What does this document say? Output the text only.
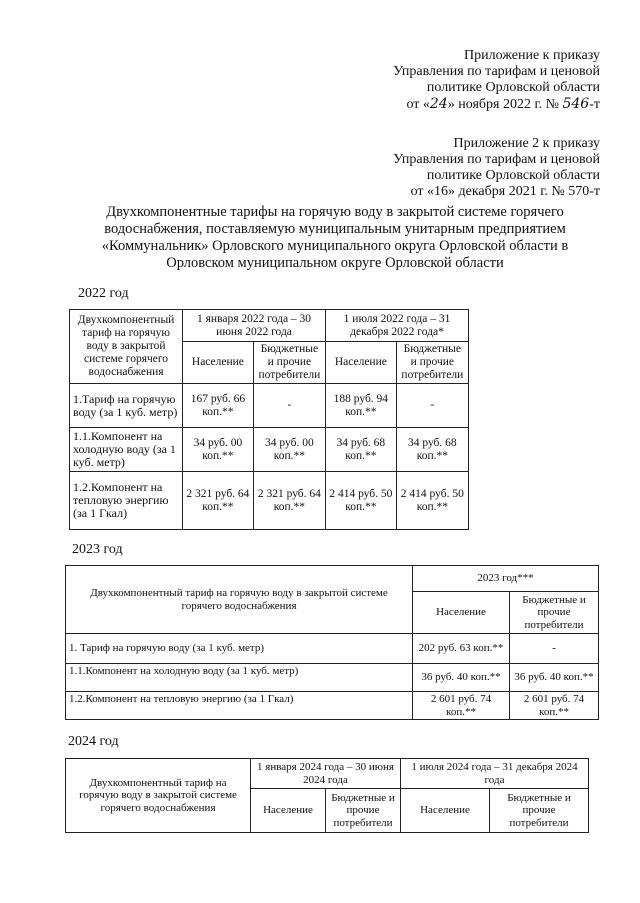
Приложение к приказу
Управления по тарифам и ценовой
политике Орловской области
от «24» ноября 2022 г. № 546-т
Приложение 2 к приказу
Управления по тарифам и ценовой
политике Орловской области
от «16» декабря 2021 г. № 570-т
Двухкомпонентные тарифы на горячую воду в закрытой системе горячего
водоснабжения, поставляемую муниципальным унитарным предприятием
«Коммунальник» Орловского муниципального округа Орловской области в
Орловском муниципальном округе Орловской области
2022 год
Двухкомпонентный тариф на горячую воду в закрытой системе горячего водоснабжения	1 января 2022 года – 30 июня 2022 года		1 июля 2022 года – 31 декабря 2022 года*	
	Население	Бюджетные и прочие потребители	Население	Бюджетные и прочие потребители
1.Тариф на горячую воду (за 1 куб. метр)	167 руб. 66 коп.**	-	188 руб. 94 коп.**	-
1.1.Компонент на холодную воду (за 1 куб. метр)	34 руб. 00 коп.**	34 руб. 00 коп.**	34 руб. 68 коп.**	34 руб. 68 коп.**
1.2.Компонент на тепловую энергию (за 1 Гкал)	2 321 руб. 64 коп.**	2 321 руб. 64 коп.**	2 414 руб. 50 коп.**	2 414 руб. 50 коп.**
2023 год
Двухкомпонентный тариф на горячую воду в закрытой системе горячего водоснабжения	2023 год***	
	Население	Бюджетные и прочие потребители
1. Тариф на горячую воду (за 1 куб. метр)	202 руб. 63 коп.**	-
1.1.Компонент на холодную воду (за 1 куб. метр)	36 руб. 40 коп.**	36 руб. 40 коп.**
1.2.Компонент на тепловую энергию (за 1 Гкал)	2 601 руб. 74 коп.**	2 601 руб. 74 коп.**
2024 год
Двухкомпонентный тариф на горячую воду в закрытой системе горячего водоснабжения	1 января 2024 года – 30 июня 2024 года		1 июля 2024 года – 31 декабря 2024 года	
	Население	Бюджетные и прочие потребители	Население	Бюджетные и прочие потребители
